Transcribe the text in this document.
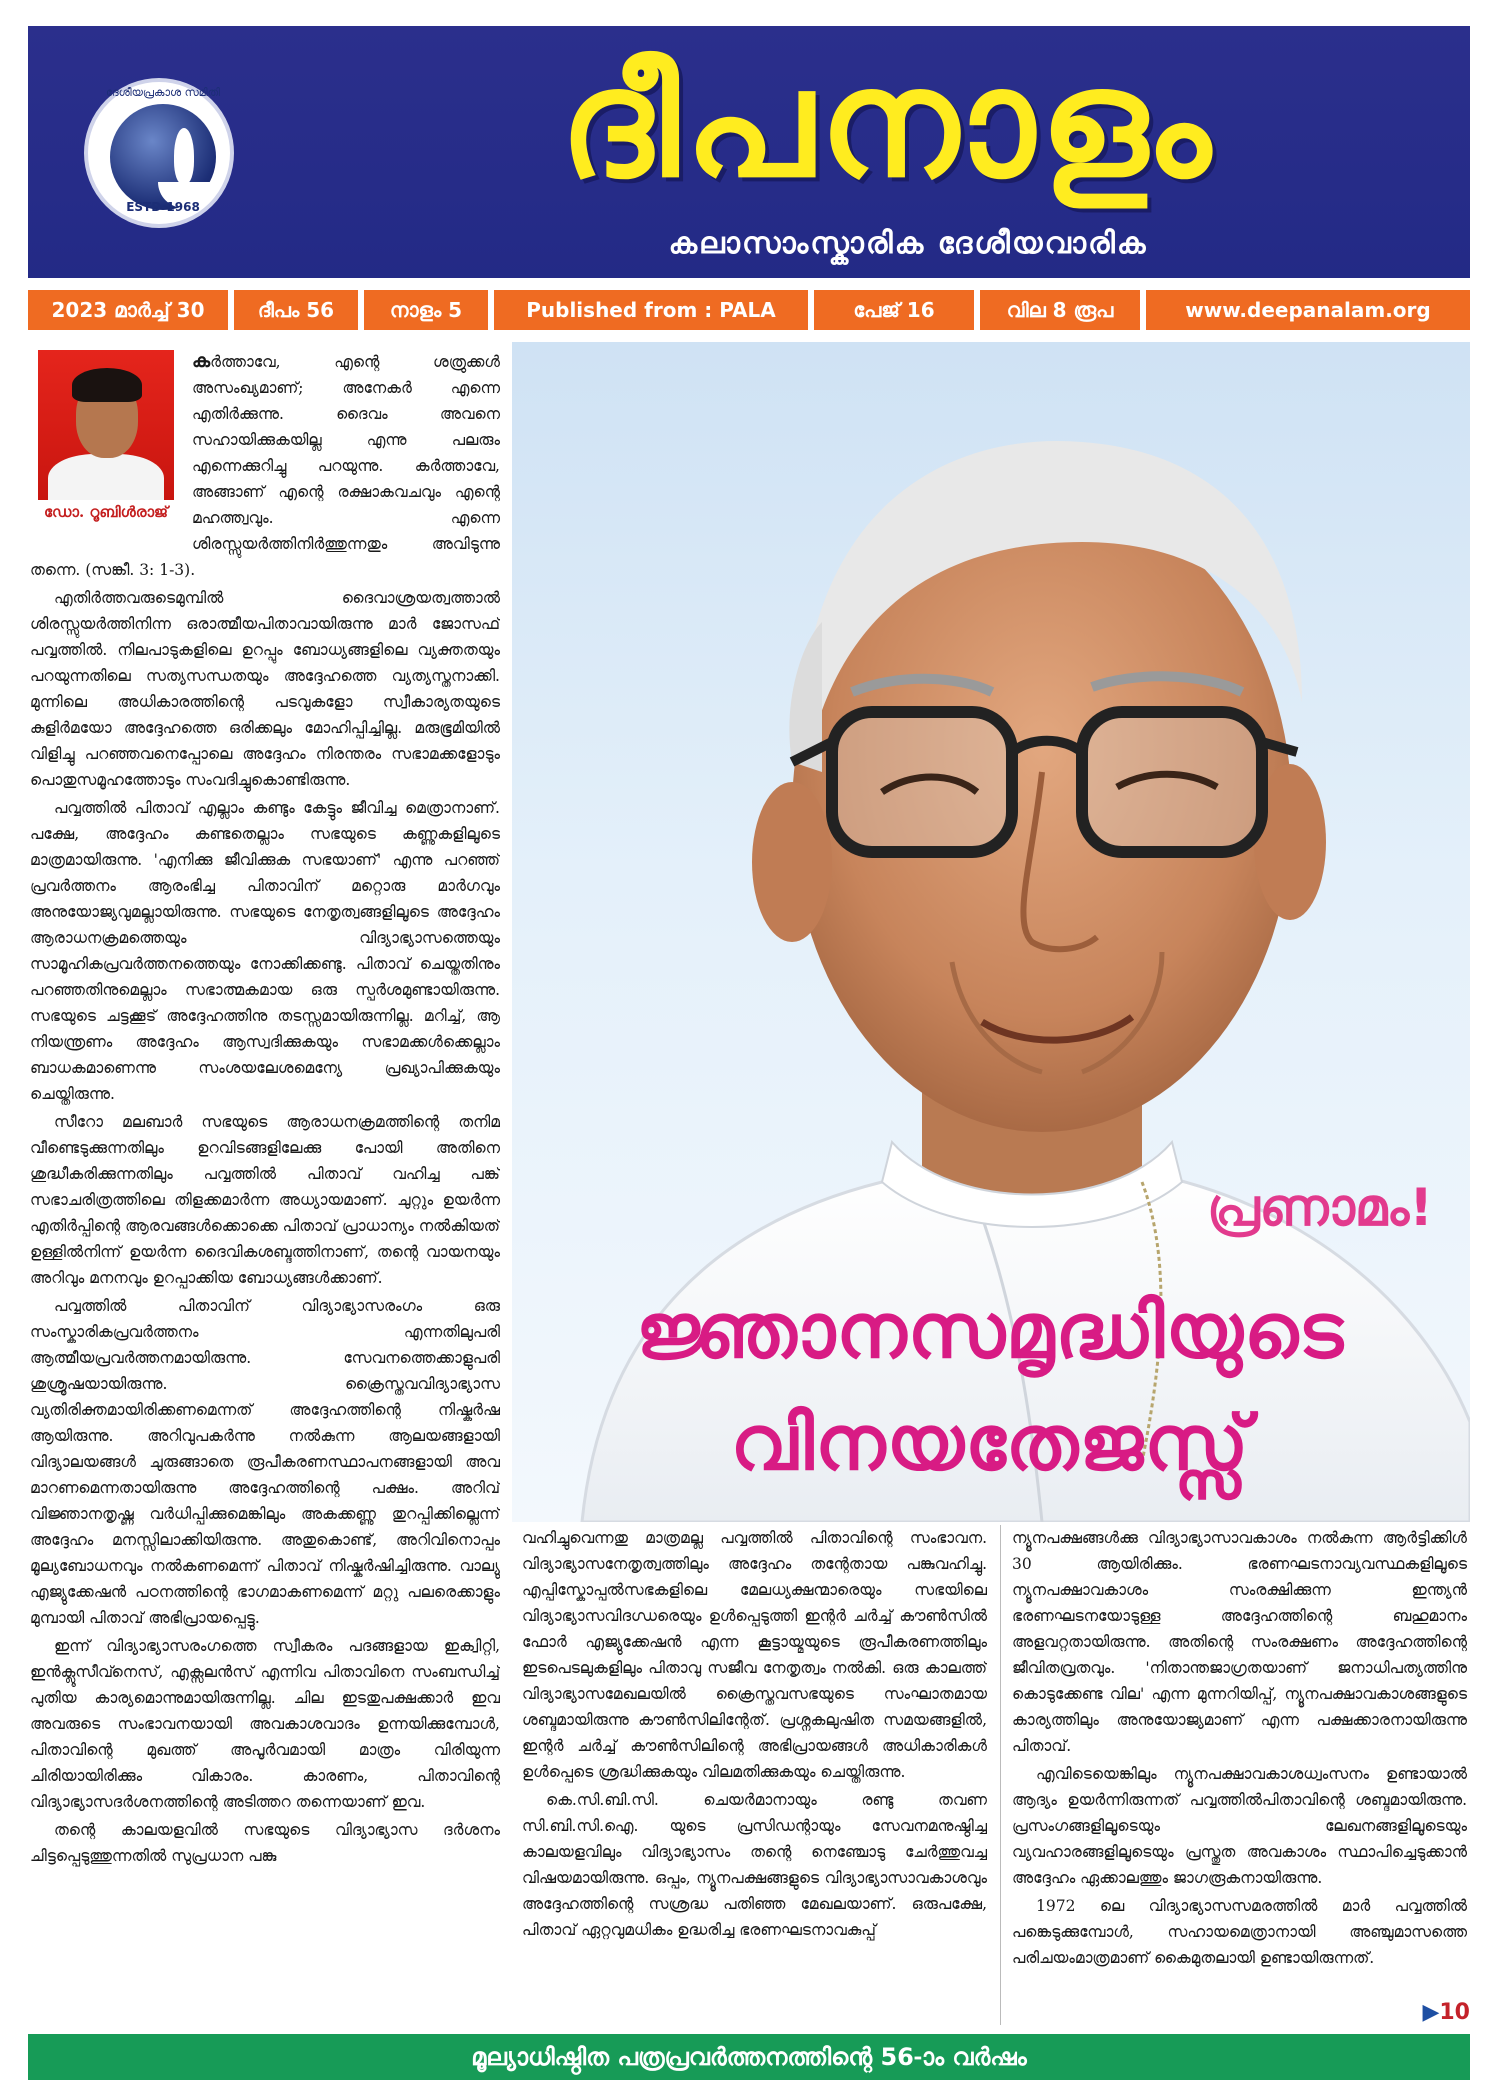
ദേശീയപ്രകാശ സമിതി
ESTD-1968	ദീപനാളം
കലാസാംസ്കാരിക ദേശീയവാരിക
2023 മാർച്ച് 30	ദീപം 56	നാളം 5	Published from : PALA	പേജ് 16	വില 8 രൂപ	www.deepanalam.org
ഡോ. റൂബിൾരാജ്

കർത്താവേ, എന്റെ ശത്രുക്കൾ അസംഖ്യമാണ്; അനേകർ എന്നെ എതിർക്കുന്നു. ദൈവം അവനെ സഹായിക്കുകയില്ല എന്നു പലരും എന്നെക്കുറിച്ചു പറയുന്നു. കർത്താവേ, അങ്ങാണ് എന്റെ രക്ഷാകവചവും എന്റെ മഹത്ത്വവും. എന്നെ ശിരസ്സുയർത്തിനിർത്തുന്നതും അവിടുന്നു തന്നെ. (സങ്കീ. 3: 1-3).

എതിർത്തവരുടെമുമ്പിൽ ദൈവാശ്രയത്വത്താൽ ശിരസ്സുയർത്തിനിന്ന ഒരാത്മീയപിതാവായിരുന്നു മാർ ജോസഫ് പവ്വത്തിൽ. നിലപാടുകളിലെ ഉറപ്പും ബോധ്യങ്ങളിലെ വ്യക്തതയും പറയുന്നതിലെ സത്യസന്ധതയും അദ്ദേഹത്തെ വ്യത്യസ്തനാക്കി. മുന്നിലെ അധികാരത്തിന്റെ പടവുകളോ സ്വീകാര്യതയുടെ കുളിർമയോ അദ്ദേഹത്തെ ഒരിക്കലും മോഹിപ്പിച്ചില്ല. മരുഭൂമിയിൽ വിളിച്ചു പറഞ്ഞവനെപ്പോലെ അദ്ദേഹം നിരന്തരം സഭാമക്കളോടും പൊതുസമൂഹത്തോടും സംവദിച്ചുകൊണ്ടിരുന്നു.

പവ്വത്തിൽ പിതാവ് എല്ലാം കണ്ടും കേട്ടും ജീവിച്ച മെത്രാനാണ്. പക്ഷേ, അദ്ദേഹം കണ്ടതെല്ലാം സഭയുടെ കണ്ണുകളിലൂടെ മാത്രമായിരുന്നു. 'എനിക്കു ജീവിക്കുക സഭയാണ്' എന്നു പറഞ്ഞ് പ്രവർത്തനം ആരംഭിച്ച പിതാവിന് മറ്റൊരു മാർഗവും അനുയോജ്യവുമല്ലായിരുന്നു. സഭയുടെ നേതൃത്വങ്ങളിലൂടെ അദ്ദേഹം ആരാധനക്രമത്തെയും വിദ്യാഭ്യാസത്തെയും സാമൂഹികപ്രവർത്തനത്തെയും നോക്കിക്കണ്ടു. പിതാവ് ചെയ്തതിനും പറഞ്ഞതിനുമെല്ലാം സഭാത്മകമായ ഒരു സ്പർശമുണ്ടായിരുന്നു. സഭയുടെ ചട്ടക്കൂട് അദ്ദേഹത്തിനു തടസ്സമായിരുന്നില്ല. മറിച്ച്, ആ നിയന്ത്രണം അദ്ദേഹം ആസ്വദിക്കുകയും സഭാമക്കൾക്കെല്ലാം ബാധകമാണെന്നു സംശയലേശമെന്യേ പ്രഖ്യാപിക്കുകയും ചെയ്തിരുന്നു.

സീറോ മലബാർ സഭയുടെ ആരാധനക്രമത്തിന്റെ തനിമ വീണ്ടെടുക്കുന്നതിലും ഉറവിടങ്ങളിലേക്കു പോയി അതിനെ ശുദ്ധീകരിക്കുന്നതിലും പവ്വത്തിൽ പിതാവ് വഹിച്ച പങ്ക് സഭാചരിത്രത്തിലെ തിളക്കമാർന്ന അധ്യായമാണ്. ചുറ്റും ഉയർന്ന എതിർപ്പിന്റെ ആരവങ്ങൾക്കൊക്കെ പിതാവ് പ്രാധാന്യം നൽകിയത് ഉള്ളിൽനിന്ന് ഉയർന്ന ദൈവികശബ്ദത്തിനാണ്, തന്റെ വായനയും അറിവും മനനവും ഉറപ്പാക്കിയ ബോധ്യങ്ങൾക്കാണ്.

പവ്വത്തിൽ പിതാവിന് വിദ്യാഭ്യാസരംഗം ഒരു സംസ്കാരികപ്രവർത്തനം എന്നതിലുപരി ആത്മീയപ്രവർത്തനമായിരുന്നു. സേവനത്തെക്കാളുപരി ശുശ്രൂഷയായിരുന്നു. ക്രൈസ്തവവിദ്യാഭ്യാസ വ്യതിരിക്തമായിരിക്കണമെന്നത് അദ്ദേഹത്തിന്റെ നിഷ്കർഷ ആയിരുന്നു. അറിവുപകർന്നു നൽകുന്ന ആലയങ്ങളായി വിദ്യാലയങ്ങൾ ചുരുങ്ങാതെ രൂപീകരണസ്ഥാപനങ്ങളായി അവ മാറണമെന്നതായിരുന്നു അദ്ദേഹത്തിന്റെ പക്ഷം. അറിവ് വിജ്ഞാനതൃഷ്ണ വർധിപ്പിക്കുമെങ്കിലും അകക്കണ്ണു തുറപ്പിക്കില്ലെന്ന് അദ്ദേഹം മനസ്സിലാക്കിയിരുന്നു. അതുകൊണ്ട്, അറിവിനൊപ്പം മൂല്യബോധനവും നൽകണമെന്ന് പിതാവ് നിഷ്കർഷിച്ചിരുന്നു. വാല്യു എജ്യുക്കേഷൻ പഠനത്തിന്റെ ഭാഗമാകണമെന്ന് മറ്റു പലരെക്കാളും മുമ്പായി പിതാവ് അഭിപ്രായപ്പെട്ടു.

ഇന്ന് വിദ്യാഭ്യാസരംഗത്തെ സ്വീകരം പദങ്ങളായ ഇക്വിറ്റി, ഇൻക്ലൂസീവ്നെസ്, എക്സലൻസ് എന്നിവ പിതാവിനെ സംബന്ധിച്ച് പുതിയ കാര്യമൊന്നുമായിരുന്നില്ല. ചില ഇടതുപക്ഷക്കാർ ഇവ അവരുടെ സംഭാവനയായി അവകാശവാദം ഉന്നയിക്കുമ്പോൾ, പിതാവിന്റെ മുഖത്ത് അപൂർവമായി മാത്രം വിരിയുന്ന ചിരിയായിരിക്കും വികാരം. കാരണം, പിതാവിന്റെ വിദ്യാഭ്യാസദർശനത്തിന്റെ അടിത്തറ തന്നെയാണ് ഇവ.

തന്റെ കാലയളവിൽ സഭയുടെ വിദ്യാഭ്യാസ ദർശനം ചിട്ടപ്പെടുത്തുന്നതിൽ സുപ്രധാന പങ്കു

പ്രണാമം!
ജ്ഞാനസമൃദ്ധിയുടെ
വിനയതേജസ്സ്

വഹിച്ചുവെന്നതു മാത്രമല്ല പവ്വത്തിൽ പിതാവിന്റെ സംഭാവന. വിദ്യാഭ്യാസനേതൃത്വത്തിലും അദ്ദേഹം തന്റേതായ പങ്കുവഹിച്ചു. എപ്പിസ്കോപ്പൽസഭകളിലെ മേലധ്യക്ഷന്മാരെയും സഭയിലെ വിദ്യാഭ്യാസവിദഗ്ധരെയും ഉൾപ്പെടുത്തി ഇന്റർ ചർച്ച് കൗൺസിൽ ഫോർ എജ്യുക്കേഷൻ എന്ന കൂട്ടായ്മയുടെ രൂപീകരണത്തിലും ഇടപെടലുകളിലും പിതാവു സജീവ നേതൃത്വം നൽകി. ഒരു കാലത്ത് വിദ്യാഭ്യാസമേഖലയിൽ ക്രൈസ്തവസഭയുടെ സംഘാതമായ ശബ്ദമായിരുന്നു കൗൺസിലിന്റേത്. പ്രശ്നകലുഷിത സമയങ്ങളിൽ, ഇന്റർ ചർച്ച് കൗൺസിലിന്റെ അഭിപ്രായങ്ങൾ അധികാരികൾ ഉൾപ്പെടെ ശ്രദ്ധിക്കുകയും വിലമതിക്കുകയും ചെയ്തിരുന്നു.

കെ.സി.ബി.സി. ചെയർമാനായും രണ്ടു തവണ സി.ബി.സി.ഐ. യുടെ പ്രസിഡന്റായും സേവനമനുഷ്ഠിച്ച കാലയളവിലും വിദ്യാഭ്യാസം തന്റെ നെഞ്ചോടു ചേർത്തുവച്ച വിഷയമായിരുന്നു. ഒപ്പം, ന്യൂനപക്ഷങ്ങളുടെ വിദ്യാഭ്യാസാവകാശവും അദ്ദേഹത്തിന്റെ സശ്രദ്ധ പതിഞ്ഞ മേഖലയാണ്. ഒരുപക്ഷേ, പിതാവ് ഏറ്റവുമധികം ഉദ്ധരിച്ച ഭരണഘടനാവകുപ്പ്

ന്യൂനപക്ഷങ്ങൾക്കു വിദ്യാഭ്യാസാവകാശം നൽകുന്ന ആർട്ടിക്കിൾ 30 ആയിരിക്കും. ഭരണഘടനാവ്യവസ്ഥകളിലൂടെ ന്യൂനപക്ഷാവകാശം സംരക്ഷിക്കുന്ന ഇന്ത്യൻ ഭരണഘടനയോടുള്ള അദ്ദേഹത്തിന്റെ ബഹുമാനം അളവറ്റതായിരുന്നു. അതിന്റെ സംരക്ഷണം അദ്ദേഹത്തിന്റെ ജീവിതവ്രതവും. 'നിതാന്തജാഗ്രതയാണ് ജനാധിപത്യത്തിനു കൊടുക്കേണ്ട വില' എന്ന മുന്നറിയിപ്പ്, ന്യൂനപക്ഷാവകാശങ്ങളുടെ കാര്യത്തിലും അനുയോജ്യമാണ് എന്ന പക്ഷക്കാരനായിരുന്നു പിതാവ്.

എവിടെയെങ്കിലും ന്യൂനപക്ഷാവകാശധ്വംസനം ഉണ്ടായാൽ ആദ്യം ഉയർന്നിരുന്നത് പവ്വത്തിൽപിതാവിന്റെ ശബ്ദമായിരുന്നു. പ്രസംഗങ്ങളിലൂടെയും ലേഖനങ്ങളിലൂടെയും വ്യവഹാരങ്ങളിലൂടെയും പ്രസ്തുത അവകാശം സ്ഥാപിച്ചെടുക്കാൻ അദ്ദേഹം ഏക്കാലത്തും ജാഗരൂകനായിരുന്നു.

1972 ലെ വിദ്യാഭ്യാസസമരത്തിൽ മാർ പവ്വത്തിൽ പങ്കെടുക്കുമ്പോൾ, സഹായമെത്രാനായി അഞ്ചുമാസത്തെ പരിചയംമാത്രമാണ് കൈമുതലായി ഉണ്ടായിരുന്നത്.

▶10
മൂല്യാധിഷ്ഠിത പത്രപ്രവർത്തനത്തിന്റെ 56-ാം വർഷം
